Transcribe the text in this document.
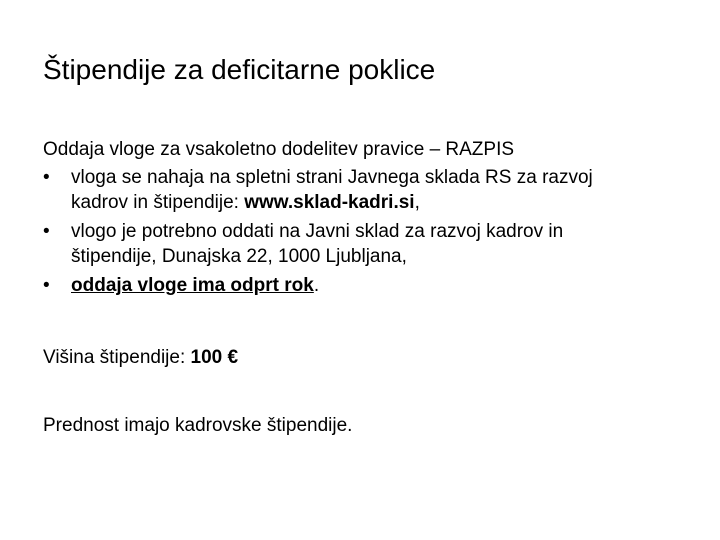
Štipendije za deficitarne poklice

Oddaja vloge za vsakoletno dodelitev pravice – RAZPIS

•	vloga se nahaja na spletni strani Javnega sklada RS za razvoj
kadrov in štipendije: www.sklad-kadri.si,
•	vlogo je potrebno oddati na Javni sklad za razvoj kadrov in
štipendije, Dunajska 22, 1000 Ljubljana,
•	oddaja vloge ima odprt rok.

Višina štipendije: 100 €

Prednost imajo kadrovske štipendije.
